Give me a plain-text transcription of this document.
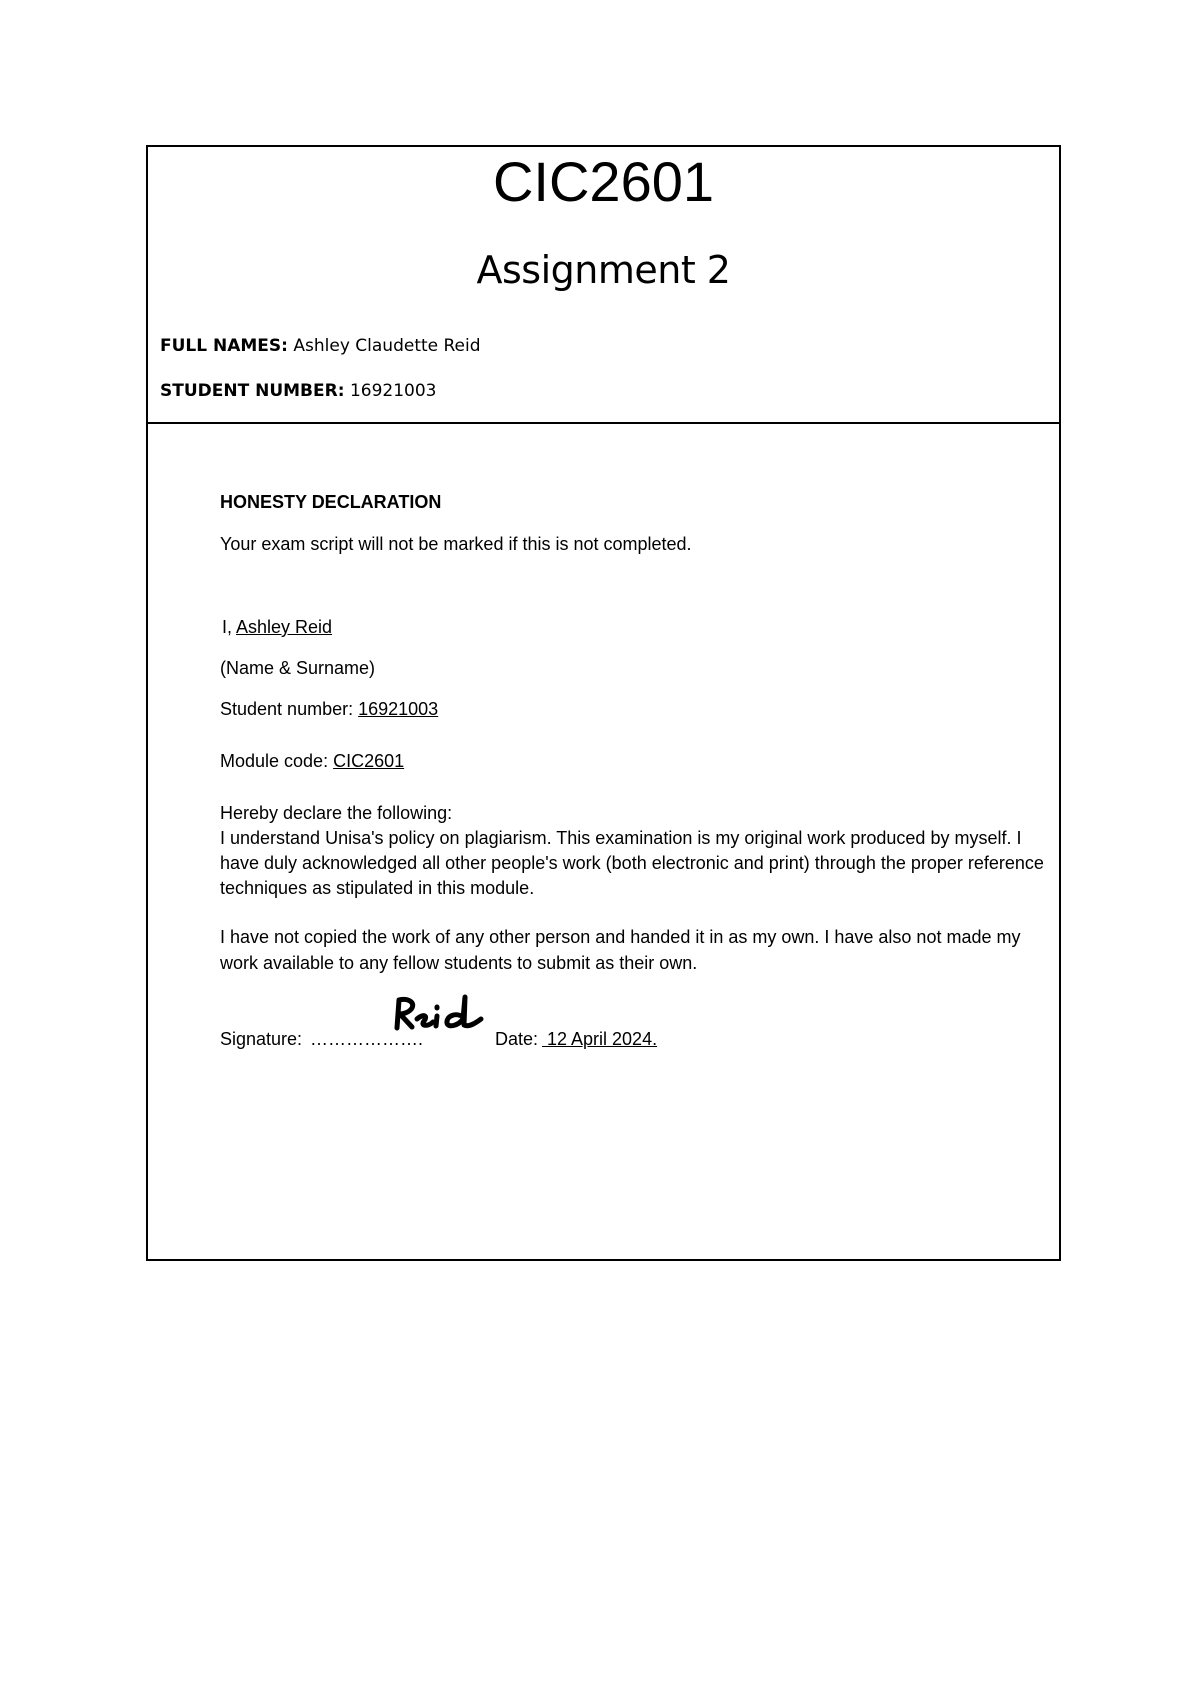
CIC2601
Assignment 2
FULL NAMES: Ashley Claudette Reid
STUDENT NUMBER: 16921003
HONESTY DECLARATION
Your exam script will not be marked if this is not completed.
I, Ashley Reid
(Name & Surname)
Student number: 16921003
Module code: CIC2601
Hereby declare the following:
I understand Unisa's policy on plagiarism. This examination is my original work produced by myself. I have duly acknowledged all other people's work (both electronic and print) through the proper reference techniques as stipulated in this module.
I have not copied the work of any other person and handed it in as my own. I have also not made my work available to any fellow students to submit as their own.
Signature: ……………….	Date: 12 April 2024.
